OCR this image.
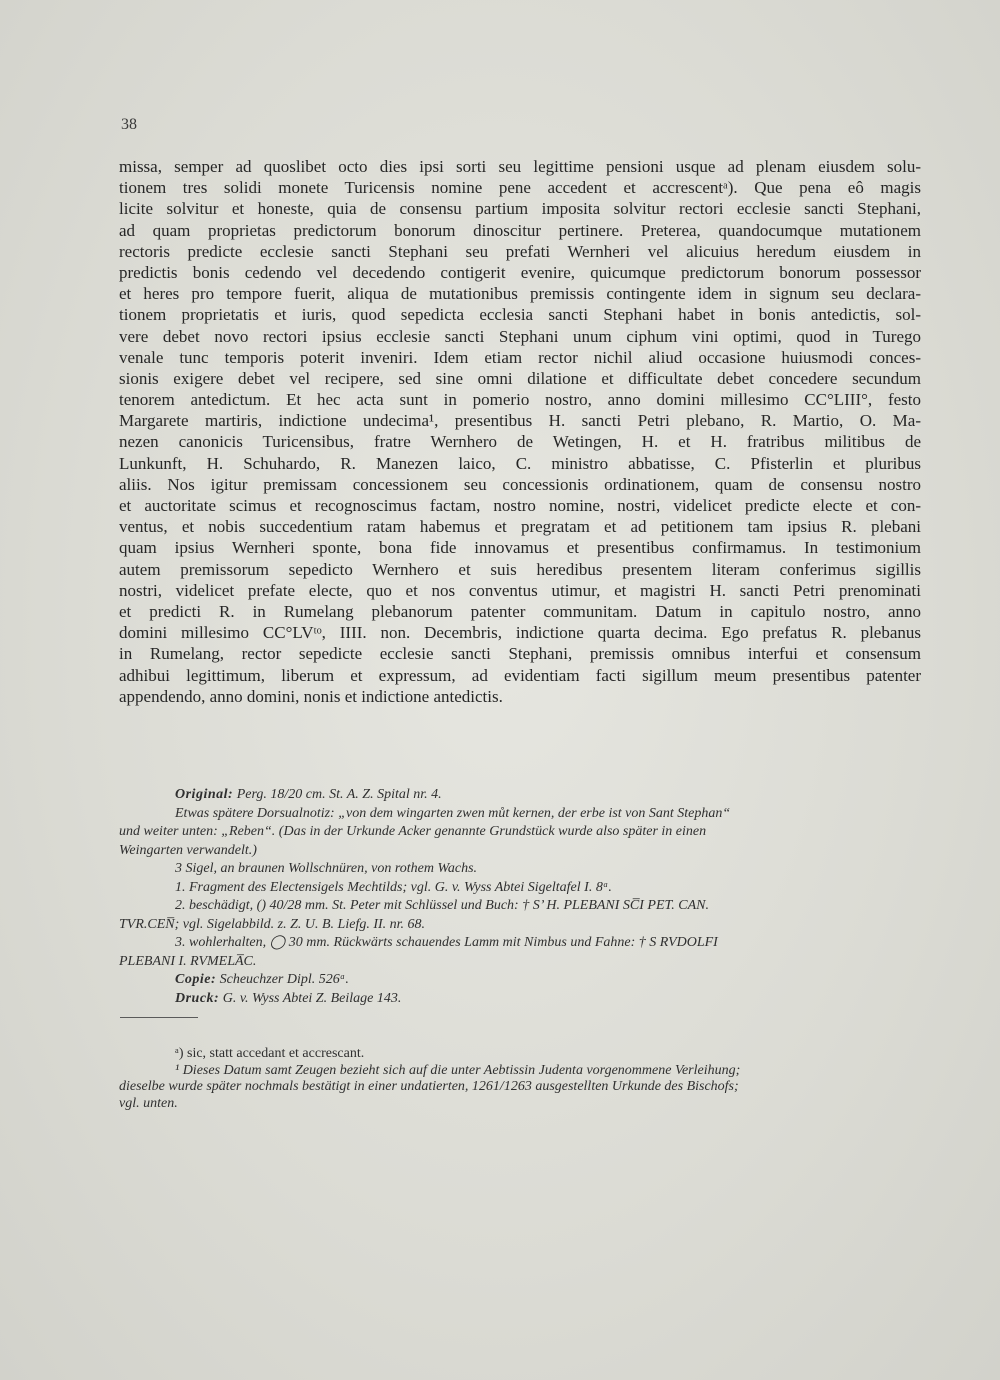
38
missa, semper ad quoslibet octo dies ipsi sorti seu legittime pensioni usque ad plenam eiusdem solu-
tionem tres solidi monete Turicensis nomine pene accedent et accrescentᵃ). Que pena eô magis
licite solvitur et honeste, quia de consensu partium imposita solvitur rectori ecclesie sancti Stephani,
ad quam proprietas predictorum bonorum dinoscitur pertinere. Preterea, quandocumque mutationem
rectoris predicte ecclesie sancti Stephani seu prefati Wernheri vel alicuius heredum eiusdem in
predictis bonis cedendo vel decedendo contigerit evenire, quicumque predictorum bonorum possessor
et heres pro tempore fuerit, aliqua de mutationibus premissis contingente idem in signum seu declara-
tionem proprietatis et iuris, quod sepedicta ecclesia sancti Stephani habet in bonis antedictis, sol-
vere debet novo rectori ipsius ecclesie sancti Stephani unum ciphum vini optimi, quod in Turego
venale tunc temporis poterit inveniri. Idem etiam rector nichil aliud occasione huiusmodi conces-
sionis exigere debet vel recipere, sed sine omni dilatione et difficultate debet concedere secundum
tenorem antedictum. Et hec acta sunt in pomerio nostro, anno domini millesimo CC°LIII°, festo
Margarete martiris, indictione undecima¹, presentibus H. sancti Petri plebano, R. Martio, O. Ma-
nezen canonicis Turicensibus, fratre Wernhero de Wetingen, H. et H. fratribus militibus de
Lunkunft, H. Schuhardo, R. Manezen laico, C. ministro abbatisse, C. Pfisterlin et pluribus
aliis. Nos igitur premissam concessionem seu concessionis ordinationem, quam de consensu nostro
et auctoritate scimus et recognoscimus factam, nostro nomine, nostri, videlicet predicte electe et con-
ventus, et nobis succedentium ratam habemus et pregratam et ad petitionem tam ipsius R. plebani
quam ipsius Wernheri sponte, bona fide innovamus et presentibus confirmamus. In testimonium
autem premissorum sepedicto Wernhero et suis heredibus presentem literam conferimus sigillis
nostri, videlicet prefate electe, quo et nos conventus utimur, et magistri H. sancti Petri prenominati
et predicti R. in Rumelang plebanorum patenter communitam. Datum in capitulo nostro, anno
domini millesimo CC°LVᵗᵒ, IIII. non. Decembris, indictione quarta decima. Ego prefatus R. plebanus
in Rumelang, rector sepedicte ecclesie sancti Stephani, premissis omnibus interfui et consensum
adhibui legittimum, liberum et expressum, ad evidentiam facti sigillum meum presentibus patenter
appendendo, anno domini, nonis et indictione antedictis.
Original: Perg. 18/20 cm. St. A. Z. Spital nr. 4.
Etwas spätere Dorsualnotiz: „von dem wingarten zwen můt kernen, der erbe ist von Sant Stephan“
und weiter unten: „Reben“. (Das in der Urkunde Acker genannte Grundstück wurde also später in einen
Weingarten verwandelt.)
3 Sigel, an braunen Wollschnüren, von rothem Wachs.
1. Fragment des Electensigels Mechtilds; vgl. G. v. Wyss Abtei Sigeltafel I. 8ᵃ.
2. beschädigt, () 40/28 mm. St. Peter mit Schlüssel und Buch: † S’ H. PLEBANI SC̅I PET. CAN.
TVR.CEN̅; vgl. Sigelabbild. z. Z. U. B. Liefg. II. nr. 68.
3. wohlerhalten, ◯ 30 mm. Rückwärts schauendes Lamm mit Nimbus und Fahne: † S RVDOLFI
PLEBANI I. RVMELA̅C.
Copie: Scheuchzer Dipl. 526ᵃ.
Druck: G. v. Wyss Abtei Z. Beilage 143.
ᵃ) sic, statt accedant et accrescant.
¹ Dieses Datum samt Zeugen bezieht sich auf die unter Aebtissin Judenta vorgenommene Verleihung;
dieselbe wurde später nochmals bestätigt in einer undatierten, 1261/1263 ausgestellten Urkunde des Bischofs;
vgl. unten.
